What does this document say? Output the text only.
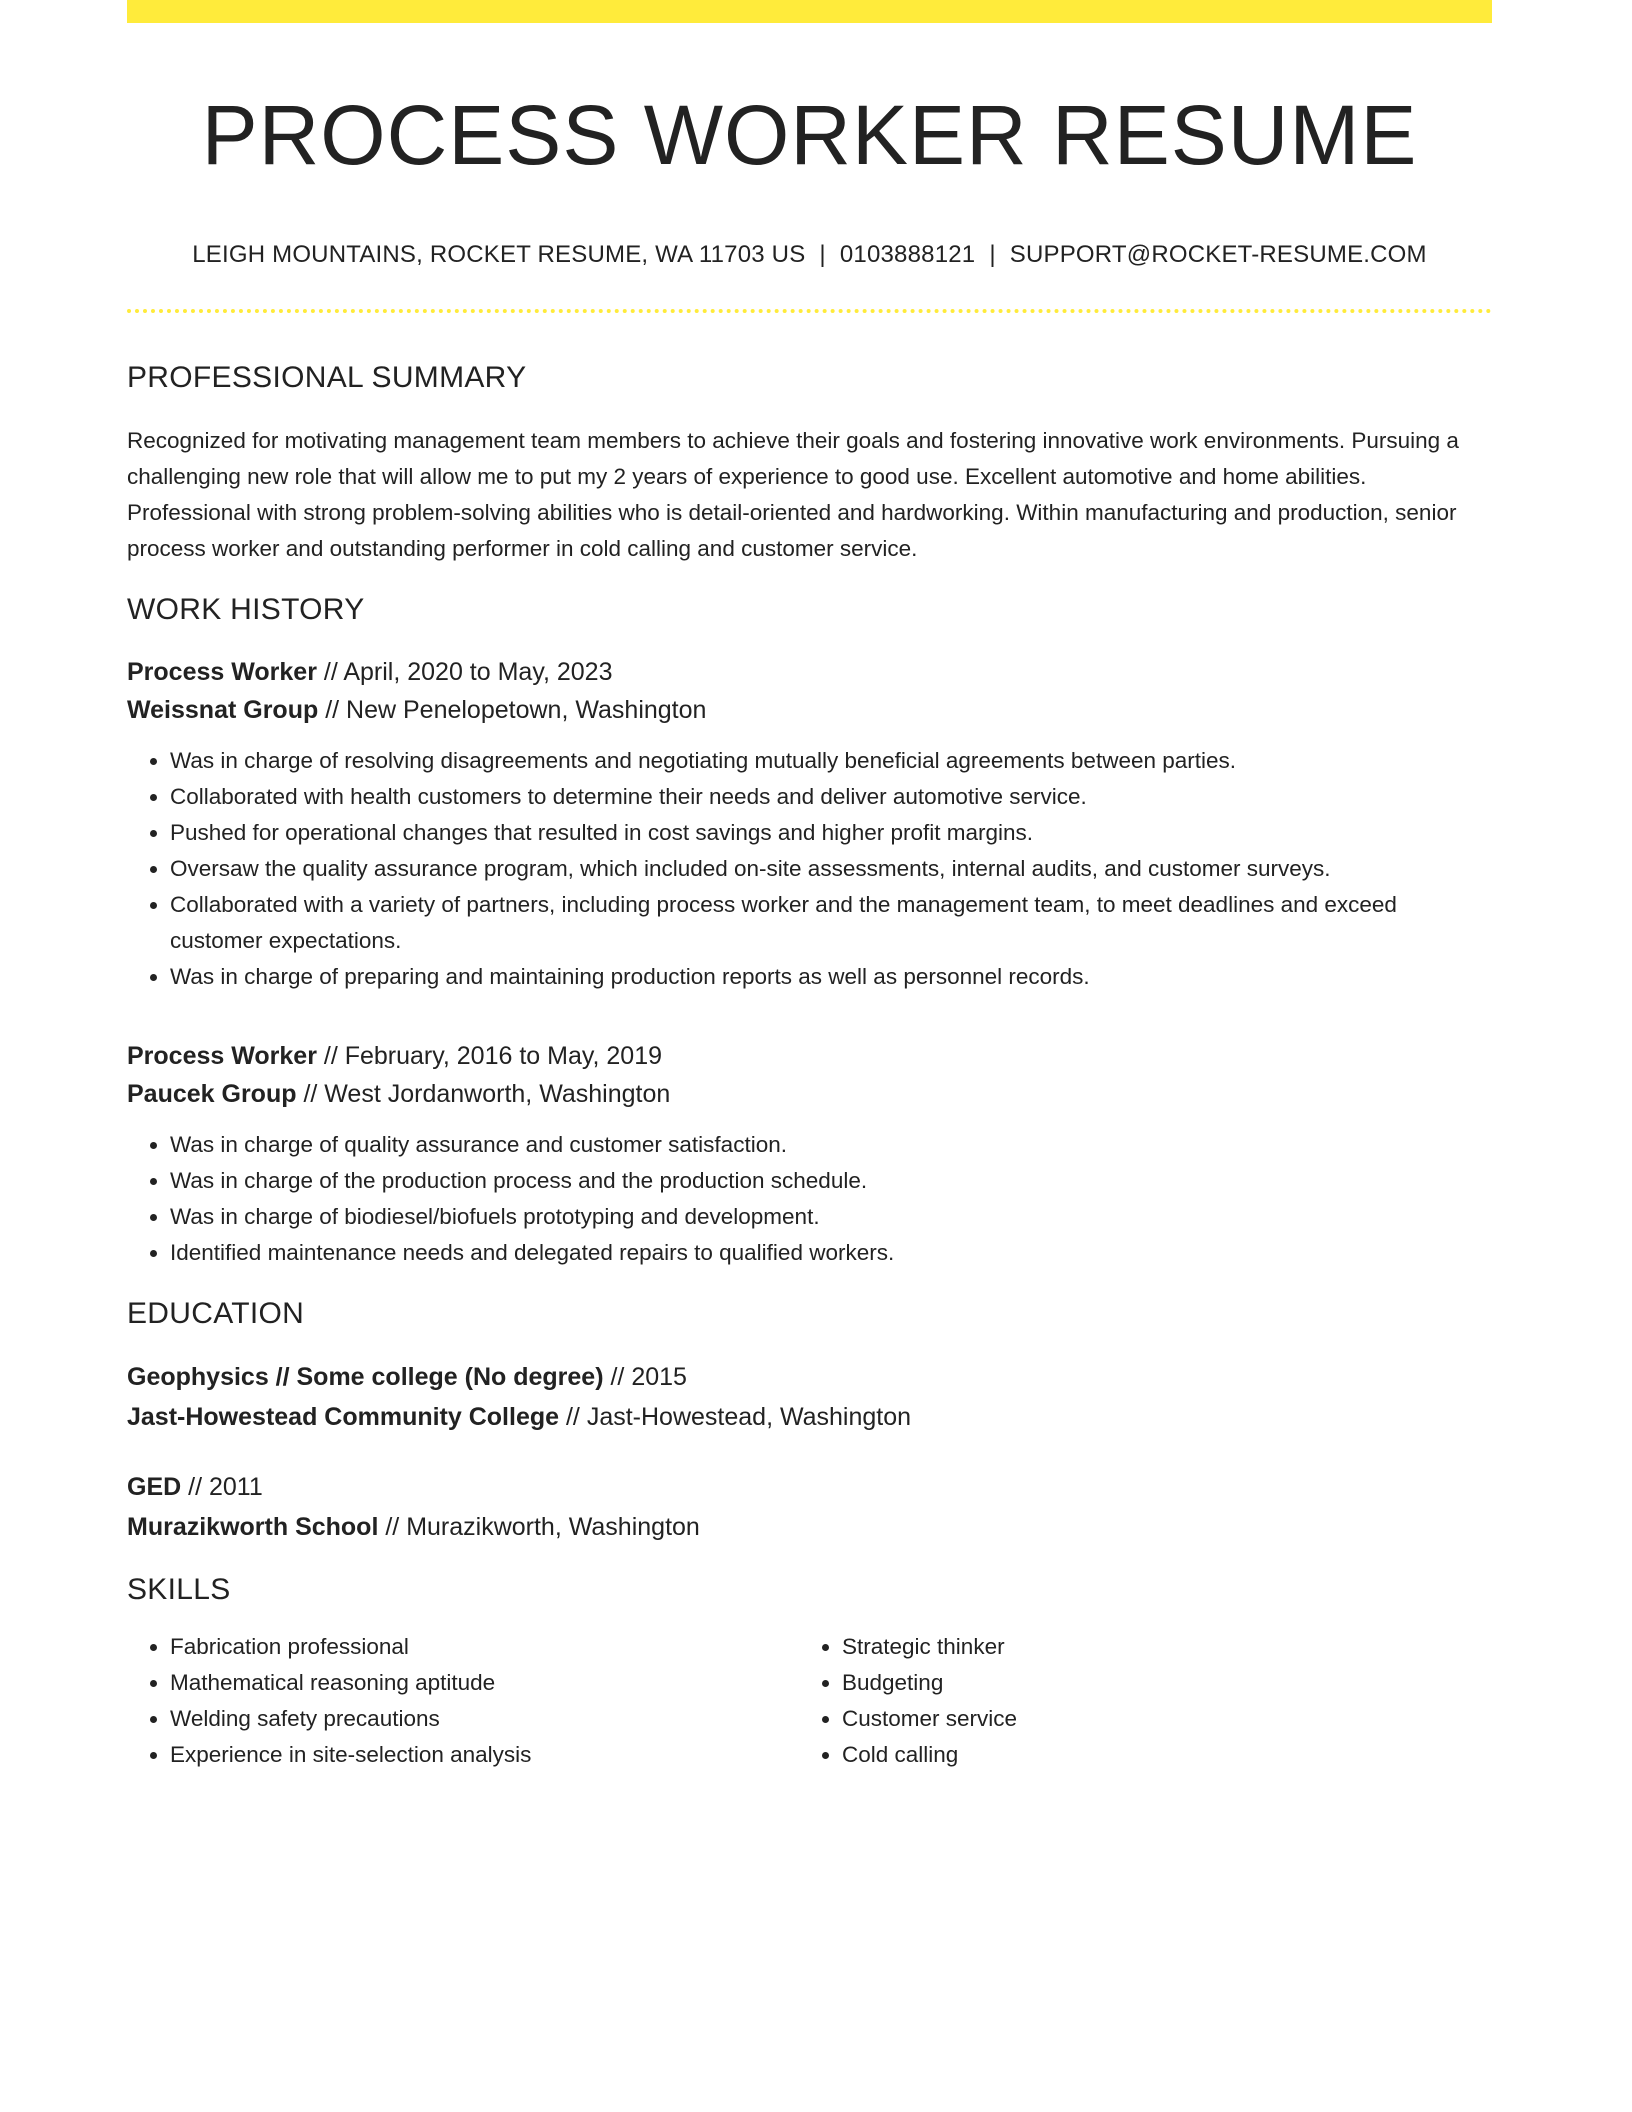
PROCESS WORKER RESUME
LEIGH MOUNTAINS, ROCKET RESUME, WA 11703 US | 0103888121 | SUPPORT@ROCKET-RESUME.COM
PROFESSIONAL SUMMARY

Recognized for motivating management team members to achieve their goals and fostering innovative work environments. Pursuing a challenging new role that will allow me to put my 2 years of experience to good use. Excellent automotive and home abilities. Professional with strong problem-solving abilities who is detail-oriented and hardworking. Within manufacturing and production, senior process worker and outstanding performer in cold calling and customer service.

WORK HISTORY
Process Worker // April, 2020 to May, 2023
Weissnat Group // New Penelopetown, Washington
• Was in charge of resolving disagreements and negotiating mutually beneficial agreements between parties.
• Collaborated with health customers to determine their needs and deliver automotive service.
• Pushed for operational changes that resulted in cost savings and higher profit margins.
• Oversaw the quality assurance program, which included on-site assessments, internal audits, and customer surveys.
• Collaborated with a variety of partners, including process worker and the management team, to meet deadlines and exceed customer expectations.
• Was in charge of preparing and maintaining production reports as well as personnel records.
Process Worker // February, 2016 to May, 2019
Paucek Group // West Jordanworth, Washington
• Was in charge of quality assurance and customer satisfaction.
• Was in charge of the production process and the production schedule.
• Was in charge of biodiesel/biofuels prototyping and development.
• Identified maintenance needs and delegated repairs to qualified workers.
EDUCATION
Geophysics // Some college (No degree) // 2015
Jast-Howestead Community College // Jast-Howestead, Washington
GED // 2011
Murazikworth School // Murazikworth, Washington
SKILLS
• Fabrication professional
• Mathematical reasoning aptitude
• Welding safety precautions
• Experience in site-selection analysis
• Strategic thinker
• Budgeting
• Customer service
• Cold calling
